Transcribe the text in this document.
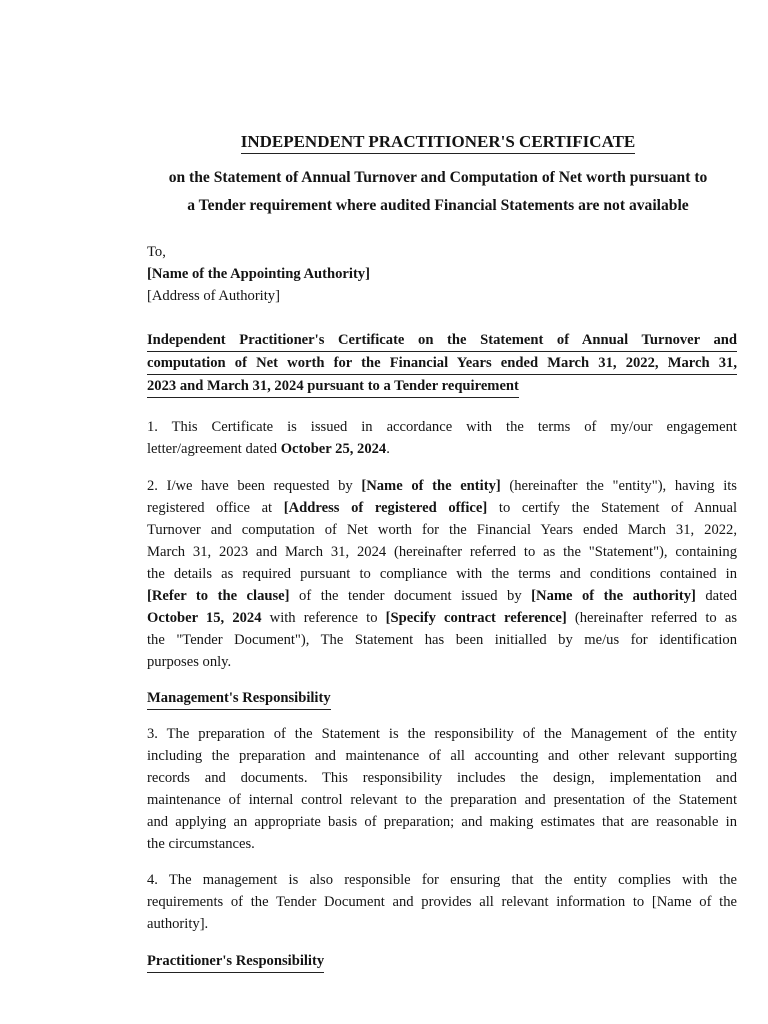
INDEPENDENT PRACTITIONER'S CERTIFICATE
on the Statement of Annual Turnover and Computation of Net worth pursuant to
a Tender requirement where audited Financial Statements are not available
To,
[Name of the Appointing Authority]
[Address of Authority]
Independent Practitioner's Certificate on the Statement of Annual Turnover and
computation of Net worth for the Financial Years ended March 31, 2022, March 31,
2023 and March 31, 2024 pursuant to a Tender requirement
1. This Certificate is issued in accordance with the terms of my/our engagement
letter/agreement dated October 25, 2024.
2. I/we have been requested by [Name of the entity] (hereinafter the "entity"), having its
registered office at [Address of registered office] to certify the Statement of Annual
Turnover and computation of Net worth for the Financial Years ended March 31, 2022,
March 31, 2023 and March 31, 2024 (hereinafter referred to as the "Statement"), containing
the details as required pursuant to compliance with the terms and conditions contained in
[Refer to the clause] of the tender document issued by [Name of the authority] dated
October 15, 2024 with reference to [Specify contract reference] (hereinafter referred to as
the "Tender Document"), The Statement has been initialled by me/us for identification
purposes only.
Management's Responsibility
3. The preparation of the Statement is the responsibility of the Management of the entity
including the preparation and maintenance of all accounting and other relevant supporting
records and documents. This responsibility includes the design, implementation and
maintenance of internal control relevant to the preparation and presentation of the Statement
and applying an appropriate basis of preparation; and making estimates that are reasonable in
the circumstances.
4. The management is also responsible for ensuring that the entity complies with the
requirements of the Tender Document and provides all relevant information to [Name of the
authority].
Practitioner's Responsibility
